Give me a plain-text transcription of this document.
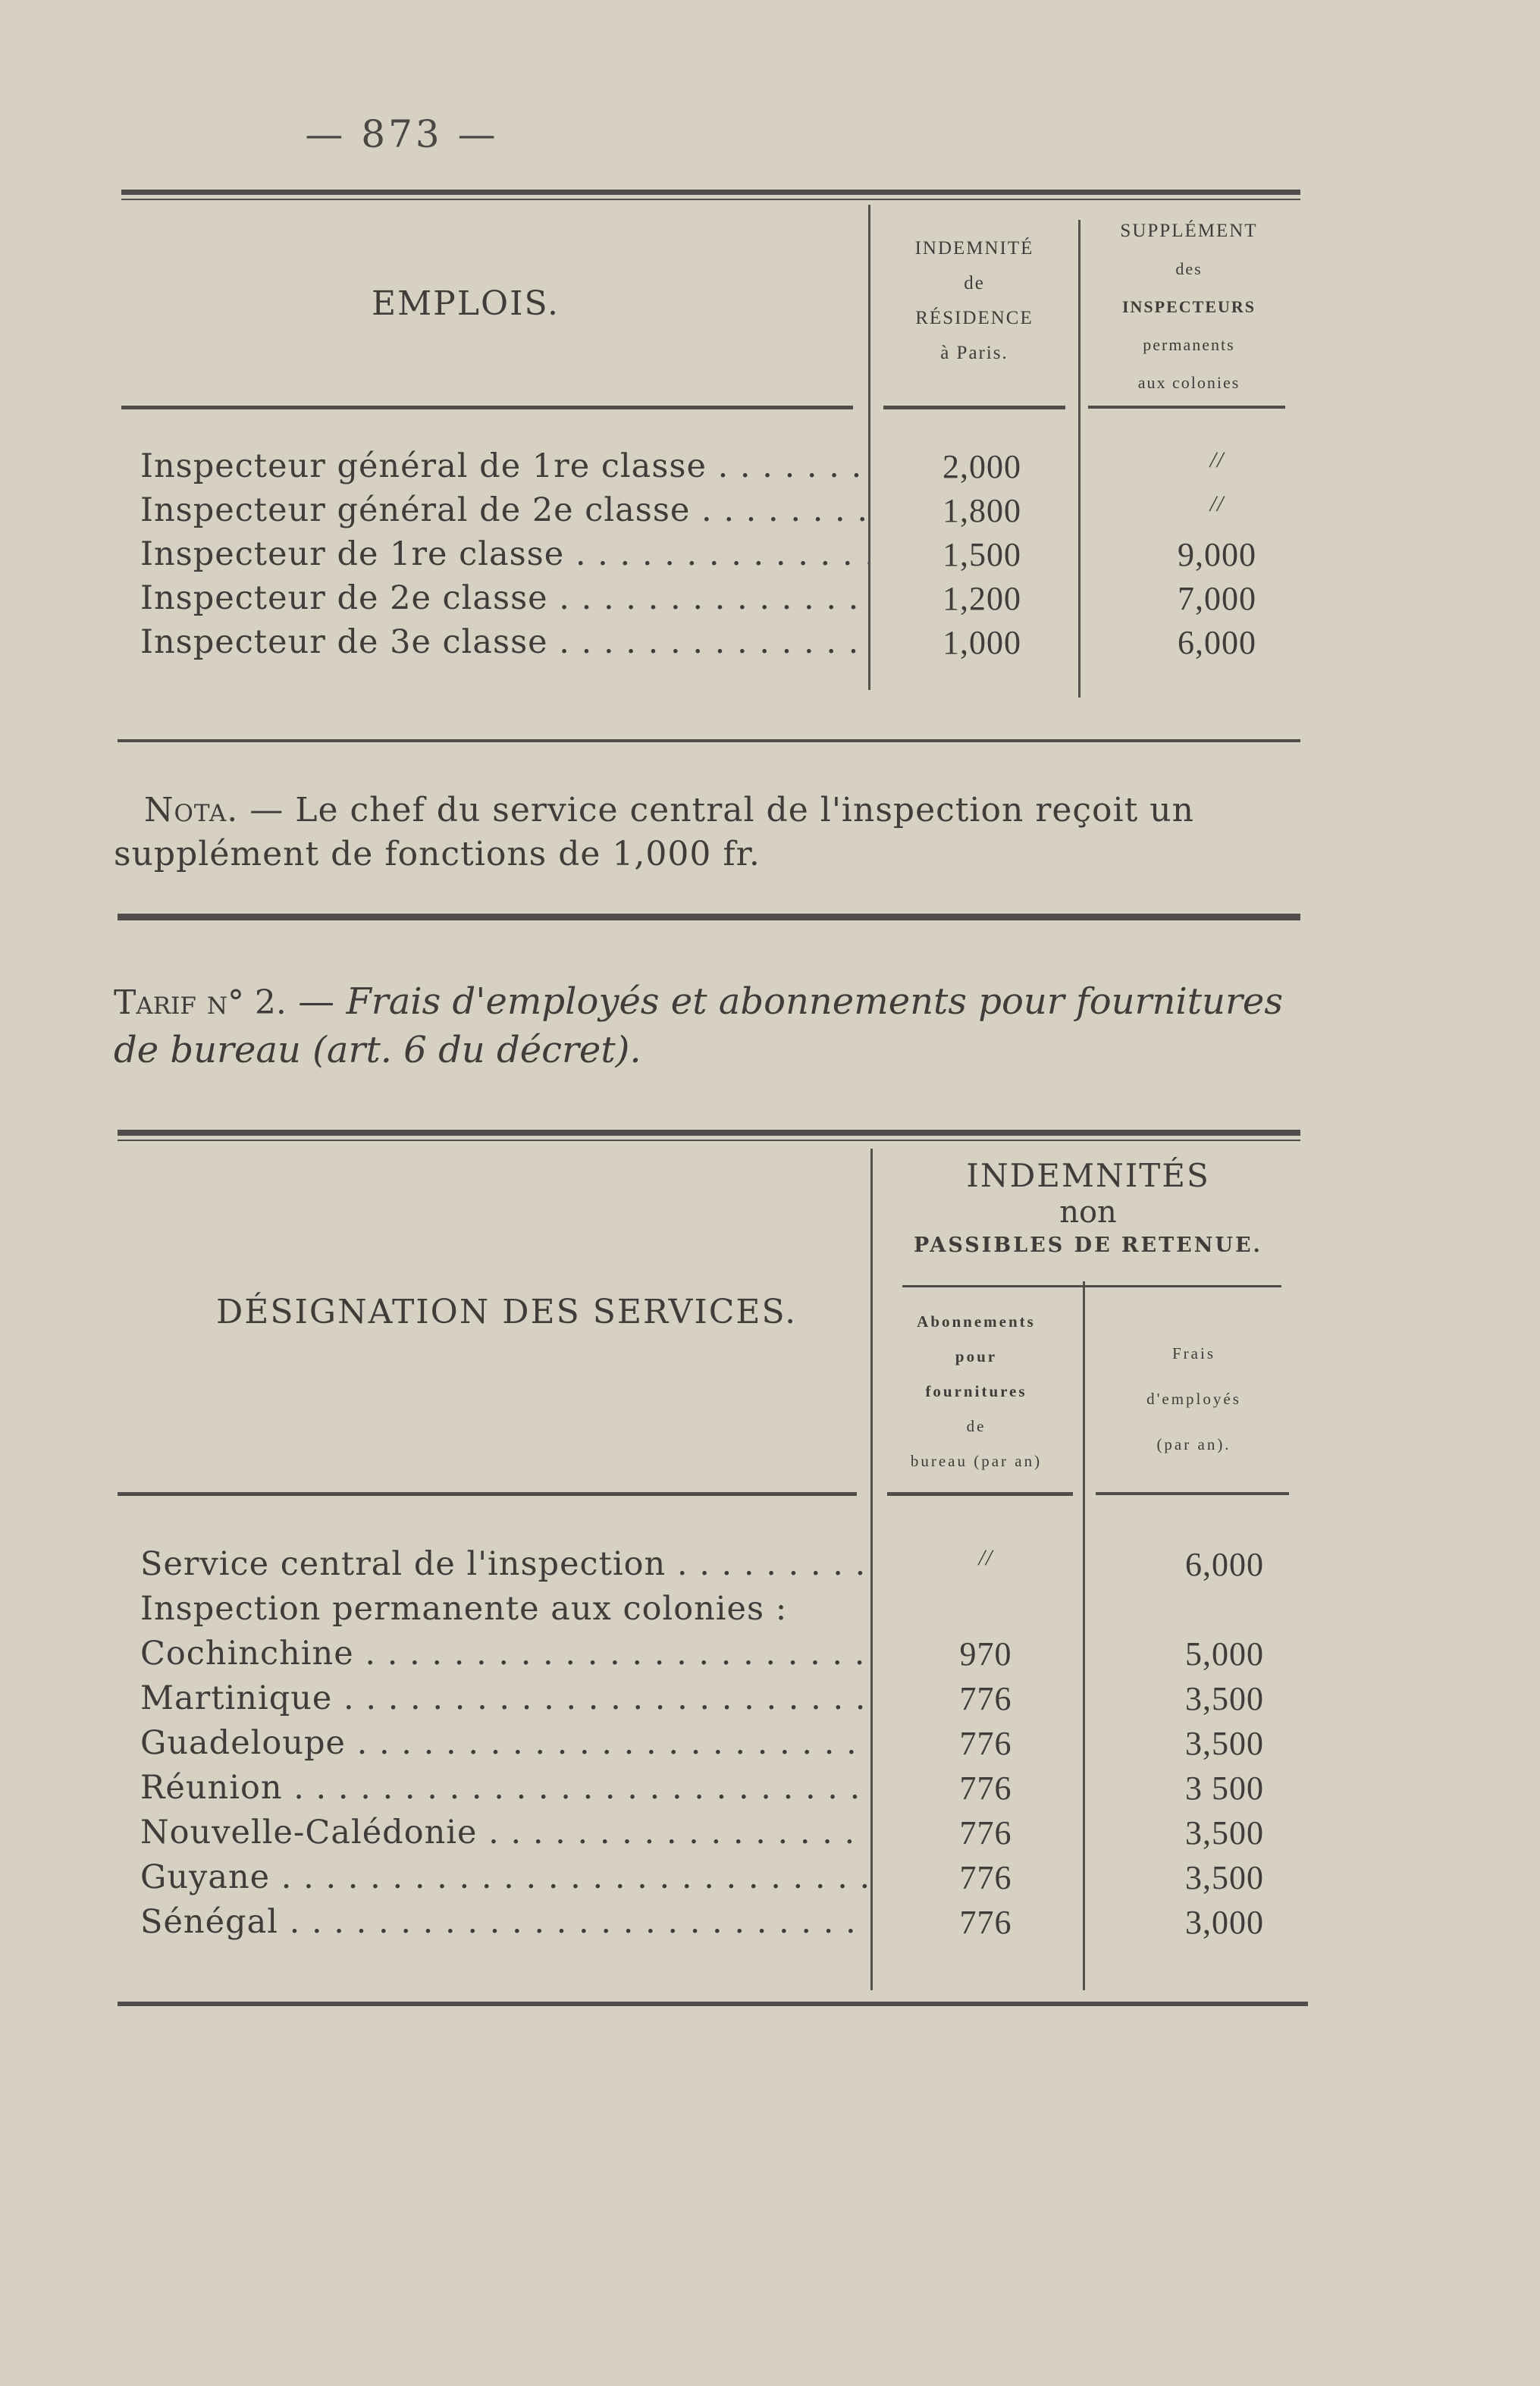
— 873 —
EMPLOIS.
INDEMNITÉ
de
RÉSIDENCE
à Paris.
SUPPLÉMENT
des
INSPECTEURS
permanents
aux colonies
Inspecteur général de 1re classe . . .	2,000	//
Inspecteur général de 2e classe . . .	1,800	//
Inspecteur de 1re classe . . .	1,500	9,000
Inspecteur de 2e classe . . .	1,200	7,000
Inspecteur de 3e classe . . .	1,000	6,000
Nota. — Le chef du service central de l'inspection reçoit un supplément de fonctions de 1,000 fr.
Tarif n° 2. — Frais d'employés et abonnements pour fournitures de bureau (art. 6 du décret).
DÉSIGNATION DES SERVICES.
INDEMNITÉS
non
PASSIBLES DE RETENUE.
Abonnements
pour
fournitures
de
bureau (par an)
Frais
d'employés
(par an).
Service central de l'inspection . . .	//	6,000
Inspection permanente aux colonies :
Cochinchine . . .	970	5,000
Martinique . . .	776	3,500
Guadeloupe . . .	776	3,500
Réunion . . .	776	3 500
Nouvelle-Calédonie . . .	776	3,500
Guyane . . .	776	3,500
Sénégal . . .	776	3,000
